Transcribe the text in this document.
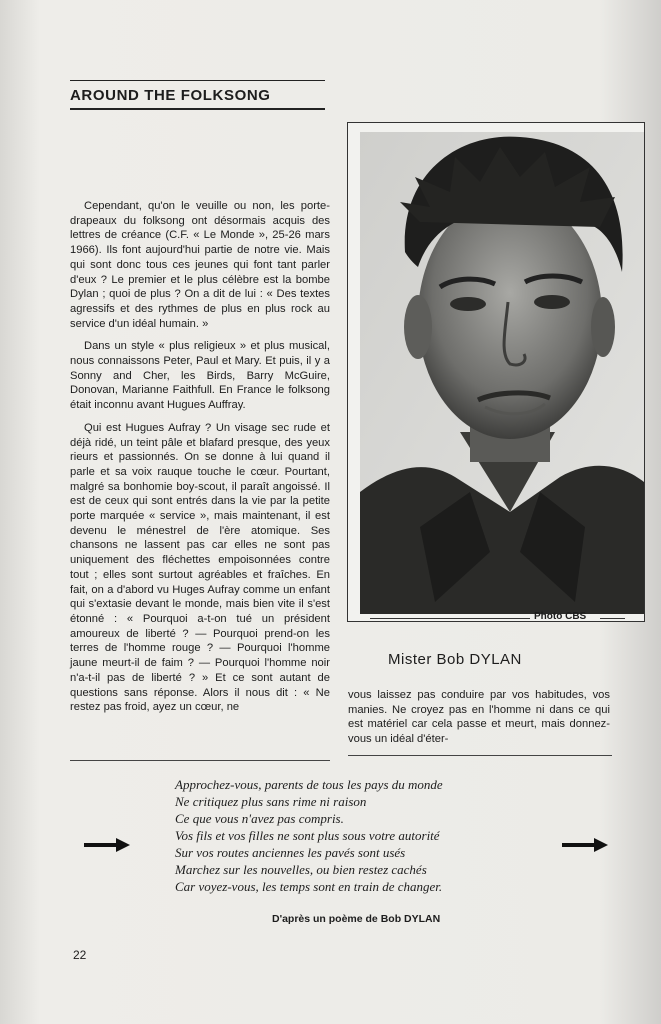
AROUND THE FOLKSONG

Cependant, qu'on le veuille ou non, les porte-drapeaux du folksong ont désormais acquis des lettres de créance (C.F. « Le Monde », 25-26 mars 1966). Ils font aujourd'hui partie de notre vie. Mais qui sont donc tous ces jeunes qui font tant parler d'eux ? Le premier et le plus célèbre est la bombe Dylan ; quoi de plus ? On a dit de lui : « Des textes agressifs et des rythmes de plus en plus rock au service d'un idéal humain. »

Dans un style « plus religieux » et plus musical, nous connaissons Peter, Paul et Mary. Et puis, il y a Sonny and Cher, les Birds, Barry McGuire, Donovan, Marianne Faithfull. En France le folksong était inconnu avant Hugues Auffray.

Qui est Hugues Aufray ? Un visage sec rude et déjà ridé, un teint pâle et blafard presque, des yeux rieurs et passionnés. On se donne à lui quand il parle et sa voix rauque touche le cœur. Pourtant, malgré sa bonhomie boy-scout, il paraît angoissé. Il est de ceux qui sont entrés dans la vie par la petite porte marquée « service », mais maintenant, il est devenu le ménestrel de l'ère atomique. Ses chansons ne lassent pas car elles ne sont pas uniquement des fléchettes empoisonnées contre tout ; elles sont surtout agréables et fraîches. En fait, on a d'abord vu Huges Aufray comme un enfant qui s'extasie devant le monde, mais bien vite il s'est étonné : « Pourquoi a-t-on tué un président amoureux de liberté ? — Pourquoi prend-on les terres de l'homme rouge ? — Pourquoi l'homme jaune meurt-il de faim ? — Pourquoi l'homme noir n'a-t-il pas de liberté ? » Et ce sont autant de questions sans réponse. Alors il nous dit : « Ne restez pas froid, ayez un cœur, ne

Photo CBS
Mister Bob DYLAN

vous laissez pas conduire par vos habitudes, vos manies. Ne croyez pas en l'homme ni dans ce qui est matériel car cela passe et meurt, mais donnez-vous un idéal d'éter-

Approchez-vous, parents de tous les pays du monde
Ne critiquez plus sans rime ni raison
Ce que vous n'avez pas compris.
Vos fils et vos filles ne sont plus sous votre autorité
Sur vos routes anciennes les pavés sont usés
Marchez sur les nouvelles, ou bien restez cachés
Car voyez-vous, les temps sont en train de changer.
D'après un poème de Bob DYLAN
22
